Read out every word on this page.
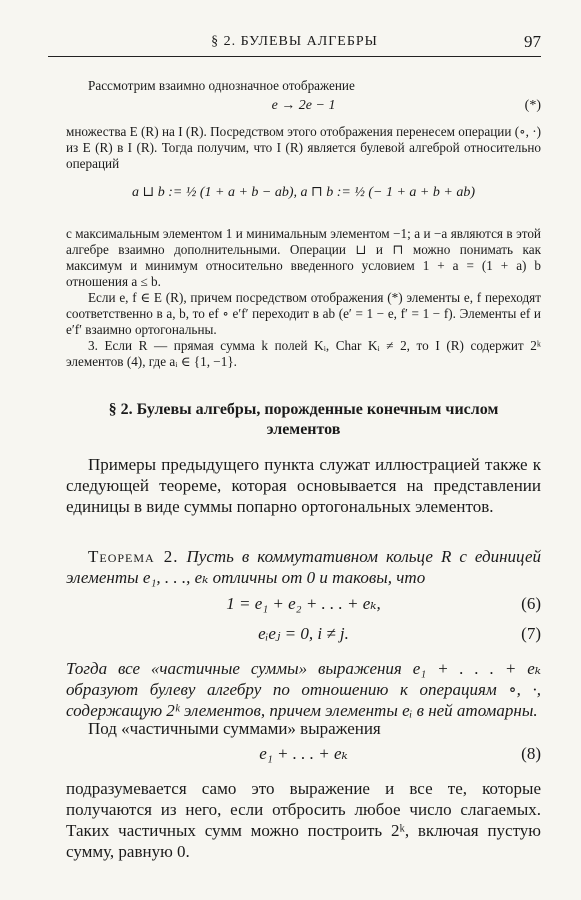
§ 2. БУЛЕВЫ АЛГЕБРЫ	97

Рассмотрим взаимно однозначное отображение

e → 2e − 1	(*)

множества E (R) на I (R). Посредством этого отображения перенесем операции (∘, ·) из E (R) в I (R). Тогда получим, что I (R) является булевой алгеброй относительно операций

a ⊔ b := ½ (1 + a + b − ab), a ⊓ b := ½ (− 1 + a + b + ab)

с максимальным элементом 1 и минимальным элементом −1; a и −a являются в этой алгебре взаимно дополнительными. Операции ⊔ и ⊓ можно понимать как максимум и минимум относительно введенного условием 1 + a = (1 + a) b отношения a ≤ b.

Если e, f ∈ E (R), причем посредством отображения (*) элементы e, f переходят соответственно в a, b, то ef ∘ e′f′ переходит в ab (e′ = 1 − e, f′ = 1 − f). Элементы ef и e′f′ взаимно ортогональны.

3. Если R — прямая сумма k полей Kᵢ, Char Kᵢ ≠ 2, то I (R) содержит 2ᵏ элементов (4), где aᵢ ∈ {1, −1}.

§ 2. Булевы алгебры, порожденные конечным числом
элементов

Примеры предыдущего пункта служат иллюстрацией также к следующей теореме, которая основывается на представлении единицы в виде суммы попарно ортогональных элементов.

Теорема 2. Пусть в коммутативном кольце R с единицей элементы e₁, . . ., eₖ отличны от 0 и таковы, что

1 = e₁ + e₂ + . . . + eₖ,	(6)
eᵢeⱼ = 0, i ≠ j.	(7)

Тогда все «частичные суммы» выражения e₁ + . . . + eₖ образуют булеву алгебру по отношению к операциям ∘, ·, содержащую 2ᵏ элементов, причем элементы eᵢ в ней атомарны.

Под «частичными суммами» выражения

e₁ + . . . + eₖ	(8)

подразумевается само это выражение и все те, которые получаются из него, если отбросить любое число слагаемых. Таких частичных сумм можно построить 2ᵏ, включая пустую сумму, равную 0.
